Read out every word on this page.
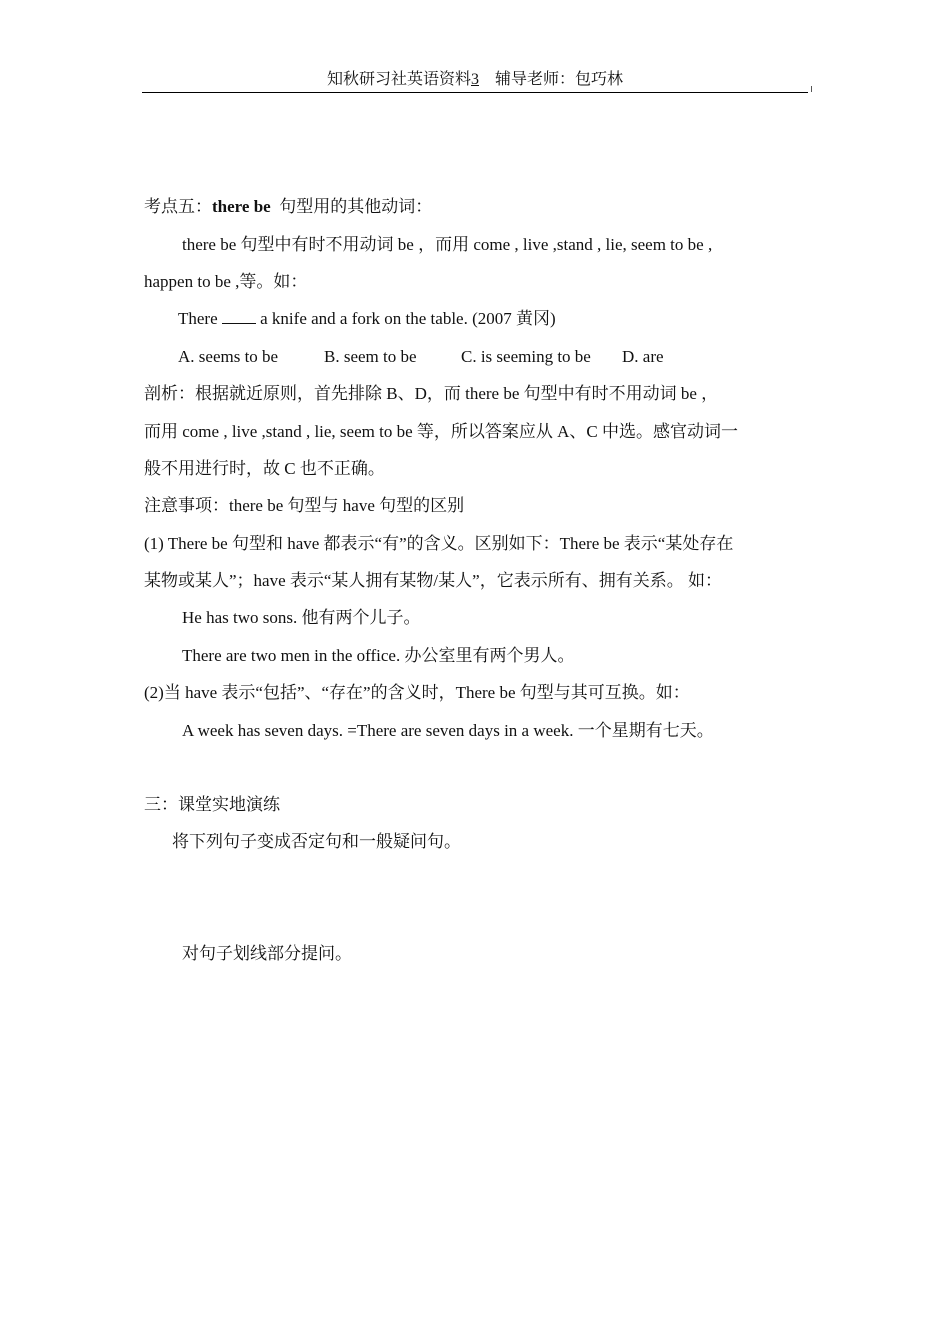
知秋研习社英语资料3 辅导老师：包巧林
考点五：there be 句型用的其他动词：
there be 句型中有时不用动词 be ，而用 come , live ,stand , lie, seem to be ,
happen to be ,等。如：
There	a knife and a fork on the table. (2007 黄冈)
A. seems to be	B. seem to be	C. is seeming to be D. are
剖析：根据就近原则，首先排除 B、D，而 there be 句型中有时不用动词 be ，
而用 come , live ,stand , lie, seem to be 等，所以答案应从 A、C 中选。感官动词一
般不用进行时，故 C 也不正确。
注意事项：there be 句型与 have 句型的区别
(1) There be 句型和 have 都表示“有”的含义。区别如下：There be 表示“某处存在
某物或某人”；have 表示“某人拥有某物/某人”，它表示所有、拥有关系。 如：
He has two sons. 他有两个儿子。
There are two men in the office. 办公室里有两个男人。
(2)当 have 表示“包括”、“存在”的含义时，There be 句型与其可互换。如：
A week has seven days. =There are seven days in a week. 一个星期有七天。
三：课堂实地演练
将下列句子变成否定句和一般疑问句。
对句子划线部分提问。
